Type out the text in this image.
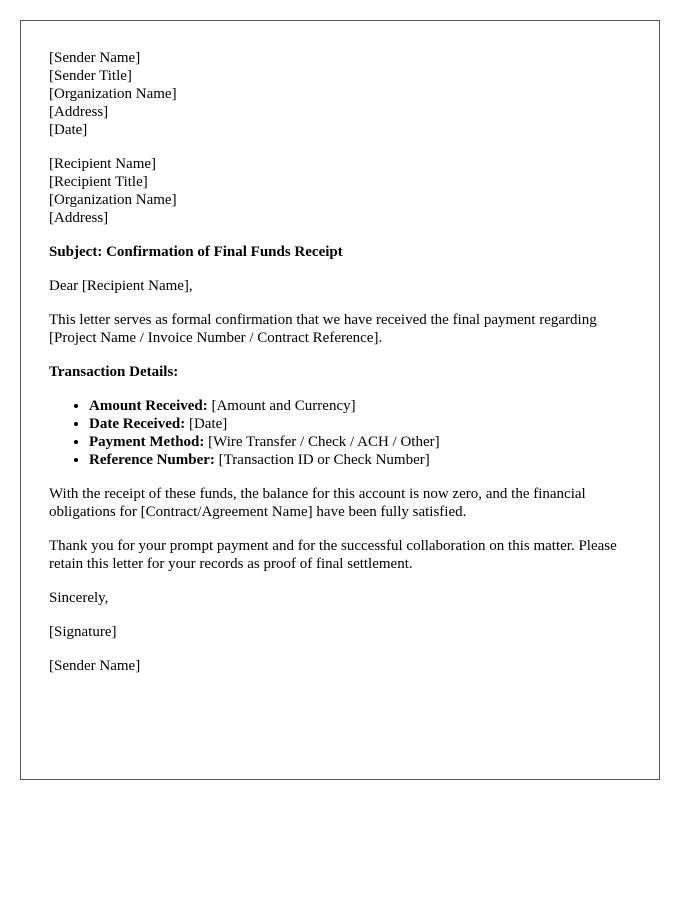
[Sender Name]
[Sender Title]
[Organization Name]
[Address]
[Date]
[Recipient Name]
[Recipient Title]
[Organization Name]
[Address]

Subject: Confirmation of Final Funds Receipt

Dear [Recipient Name],

This letter serves as formal confirmation that we have received the final payment regarding [Project Name / Invoice Number / Contract Reference].

Transaction Details:

• Amount Received: [Amount and Currency]
• Date Received: [Date]
• Payment Method: [Wire Transfer / Check / ACH / Other]
• Reference Number: [Transaction ID or Check Number]

With the receipt of these funds, the balance for this account is now zero, and the financial obligations for [Contract/Agreement Name] have been fully satisfied.

Thank you for your prompt payment and for the successful collaboration on this matter. Please retain this letter for your records as proof of final settlement.

Sincerely,

[Signature]

[Sender Name]
